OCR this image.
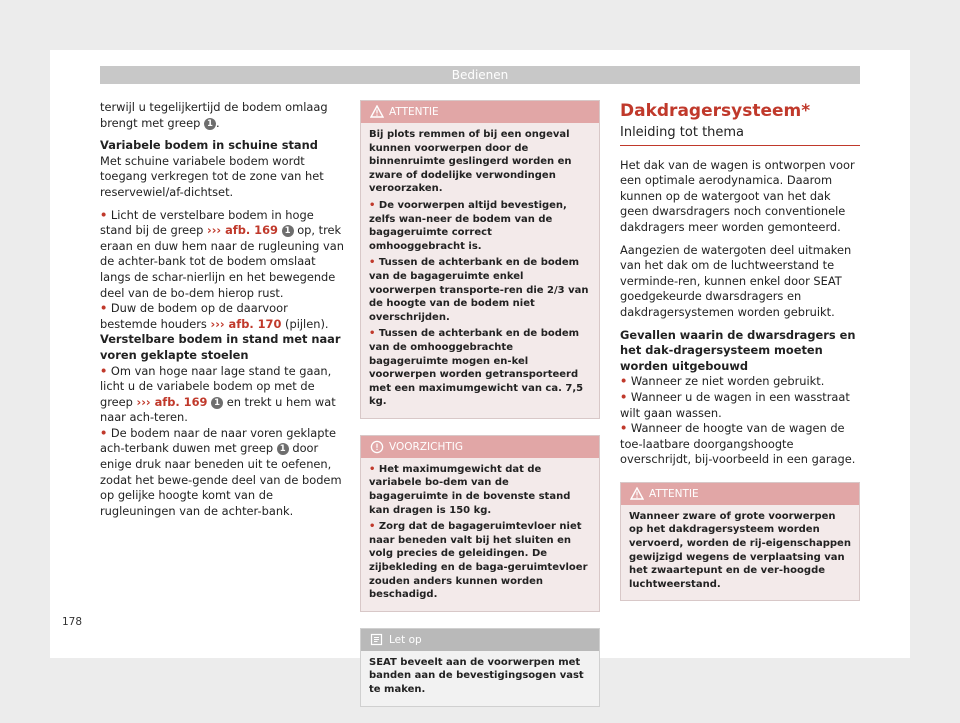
Bedienen

terwijl u tegelijkertijd de bodem omlaag brengt met greep 1 .

Variabele bodem in schuine stand

Met schuine variabele bodem wordt toegang verkregen tot de zone van het reservewiel/af-dichtset.

• Licht de verstelbare bodem in hoge stand bij de greep ››› afb. 169 1 op, trek eraan en duw hem naar de rugleuning van de achter-bank tot de bodem omslaat langs de schar-nierlijn en het bewegende deel van de bo-dem hierop rust.

• Duw de bodem op de daarvoor bestemde houders ››› afb. 170 (pijlen).

Verstelbare bodem in stand met naar voren geklapte stoelen

• Om van hoge naar lage stand te gaan, licht u de variabele bodem op met de greep ››› afb. 169 1 en trekt u hem wat naar ach-teren.

• De bodem naar de naar voren geklapte ach-terbank duwen met greep 1 door enige druk naar beneden uit te oefenen, zodat het bewe-gende deel van de bodem op gelijke hoogte komt van de rugleuningen van de achter-bank.

ATTENTIE

Bij plots remmen of bij een ongeval kunnen voorwerpen door de binnenruimte geslingerd worden en zware of dodelijke verwondingen veroorzaken.

• De voorwerpen altijd bevestigen, zelfs wan-neer de bodem van de bagageruimte correct omhooggebracht is.

• Tussen de achterbank en de bodem van de bagageruimte enkel voorwerpen transporte-ren die 2/3 van de hoogte van de bodem niet overschrijden.

• Tussen de achterbank en de bodem van de omhooggebrachte bagageruimte mogen en-kel voorwerpen worden getransporteerd met een maximumgewicht van ca. 7,5 kg.

VOORZICHTIG

• Het maximumgewicht dat de variabele bo-dem van de bagageruimte in de bovenste stand kan dragen is 150 kg.

• Zorg dat de bagageruimtevloer niet naar beneden valt bij het sluiten en volg precies de geleidingen. De zijbekleding en de baga-geruimtevloer zouden anders kunnen worden beschadigd.

Let op

SEAT beveelt aan de voorwerpen met banden aan de bevestigingsogen vast te maken.

Dakdragersysteem*
Inleiding tot thema

Het dak van de wagen is ontworpen voor een optimale aerodynamica. Daarom kunnen op de watergoot van het dak geen dwarsdragers noch conventionele dakdragers meer worden gemonteerd.

Aangezien de watergoten deel uitmaken van het dak om de luchtweerstand te verminde-ren, kunnen enkel door SEAT goedgekeurde dwarsdragers en dakdragersystemen worden gebruikt.

Gevallen waarin de dwarsdragers en het dak-dragersysteem moeten worden uitgebouwd

• Wanneer ze niet worden gebruikt.

• Wanneer u de wagen in een wasstraat wilt gaan wassen.

• Wanneer de hoogte van de wagen de toe-laatbare doorgangshoogte overschrijdt, bij-voorbeeld in een garage.

ATTENTIE

Wanneer zware of grote voorwerpen op het dakdragersysteem worden vervoerd, worden de rij-eigenschappen gewijzigd wegens de verplaatsing van het zwaartepunt en de ver-hoogde luchtweerstand.

178
